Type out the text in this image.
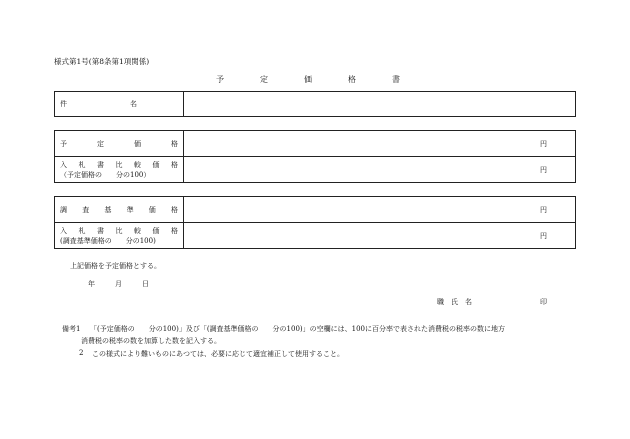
様式第1号(第8条第1項関係)
予　定　価　格　書
件　　　　　　　　　名	
予　定　価　格	円

入　札　書　比　較　価　格
（予定価格の　　分の100）	円
調　査　基　準　価　格	円

入　札　書　比　較　価　格
(調査基準価格の　　分の100)	円
上記価格を予定価格とする。
年　　月　　日
職　氏　名	印
備考1 「(予定価格の　　分の100)」及び「(調査基準価格の　　分の100)」の空欄には、100に百分率で表された消費税の税率の数に地方
消費税の税率の数を加算した数を記入する。
2 この様式により難いものにあつては、必要に応じて適宜補正して使用すること。
